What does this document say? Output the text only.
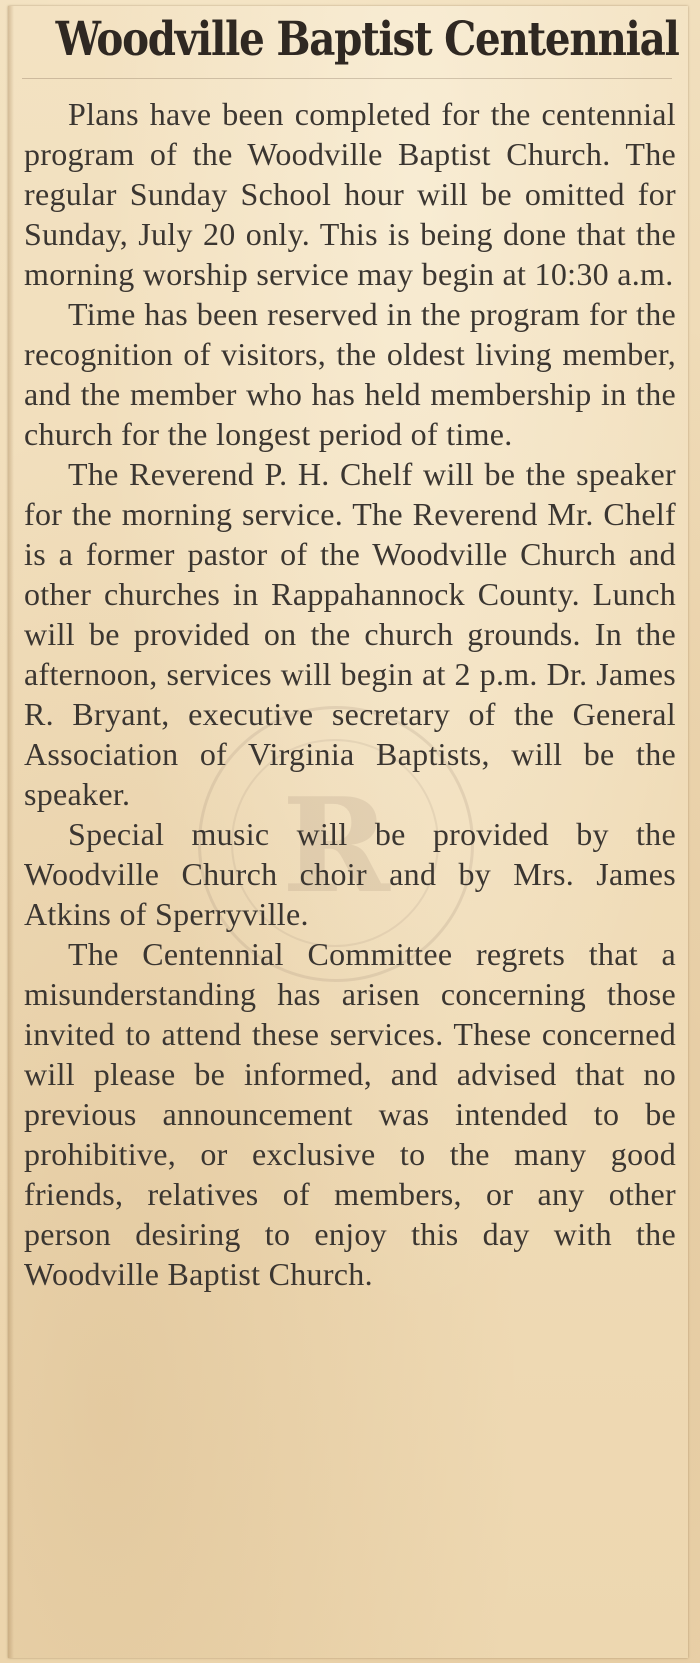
Woodville Baptist Centennial
R

Plans have been completed for the centennial program of the Woodville Baptist Church. The regular Sunday School hour will be omitted for Sunday, July 20 only. This is being done that the morning worship service may begin at 10:30 a.m.

Time has been reserved in the program for the recognition of visitors, the oldest living member, and the member who has held membership in the church for the longest period of time.

The Reverend P. H. Chelf will be the speaker for the morning service. The Reverend Mr. Chelf is a former pastor of the Woodville Church and other churches in Rappahannock County. Lunch will be provided on the church grounds. In the afternoon, services will begin at 2 p.m. Dr. James R. Bryant, executive secretary of the General Association of Virginia Baptists, will be the speaker.

Special music will be provided by the Woodville Church choir and by Mrs. James Atkins of Sperryville.

The Centennial Committee regrets that a misunderstanding has arisen concerning those invited to attend these services. These concerned will please be informed, and advised that no previous announcement was intended to be prohibitive, or exclusive to the many good friends, relatives of members, or any other person desiring to enjoy this day with the Woodville Baptist Church.
